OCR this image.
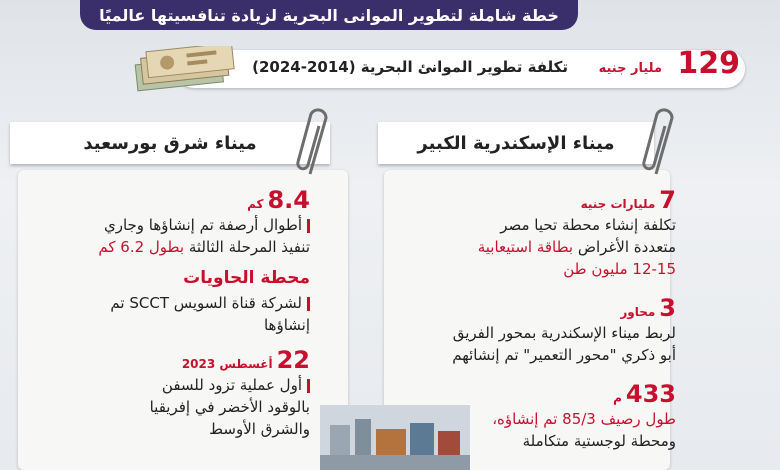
خطة شاملة لتطوير الموانى البحرية لزيادة تنافسيتها عالميًا
129
مليار جنيه
تكلفة تطوير الموانئ البحرية (2014-2024)
ميناء الإسكندرية الكبير
7مليارات جنيه
تكلفة إنشاء محطة تحيا مصر
متعددة الأغراض بطاقة استيعابية
12-15 مليون طن
3محاور
لربط ميناء الإسكندرية بمحور الفريق
أبو ذكري "محور التعمير" تم إنشائهم
433م
طول رصيف 85/3 تم إنشاؤه،
ومحطة لوجستية متكاملة
ميناء شرق بورسعيد
8.4كم
أطوال أرصفة تم إنشاؤها وجاري
تنفيذ المرحلة الثالثة بطول 6.2 كم
محطة الحاويات
لشركة قناة السويس SCCT تم
إنشاؤها
22أغسطس 2023
أول عملية تزود للسفن
بالوقود الأخضر في إفريقيا
والشرق الأوسط
